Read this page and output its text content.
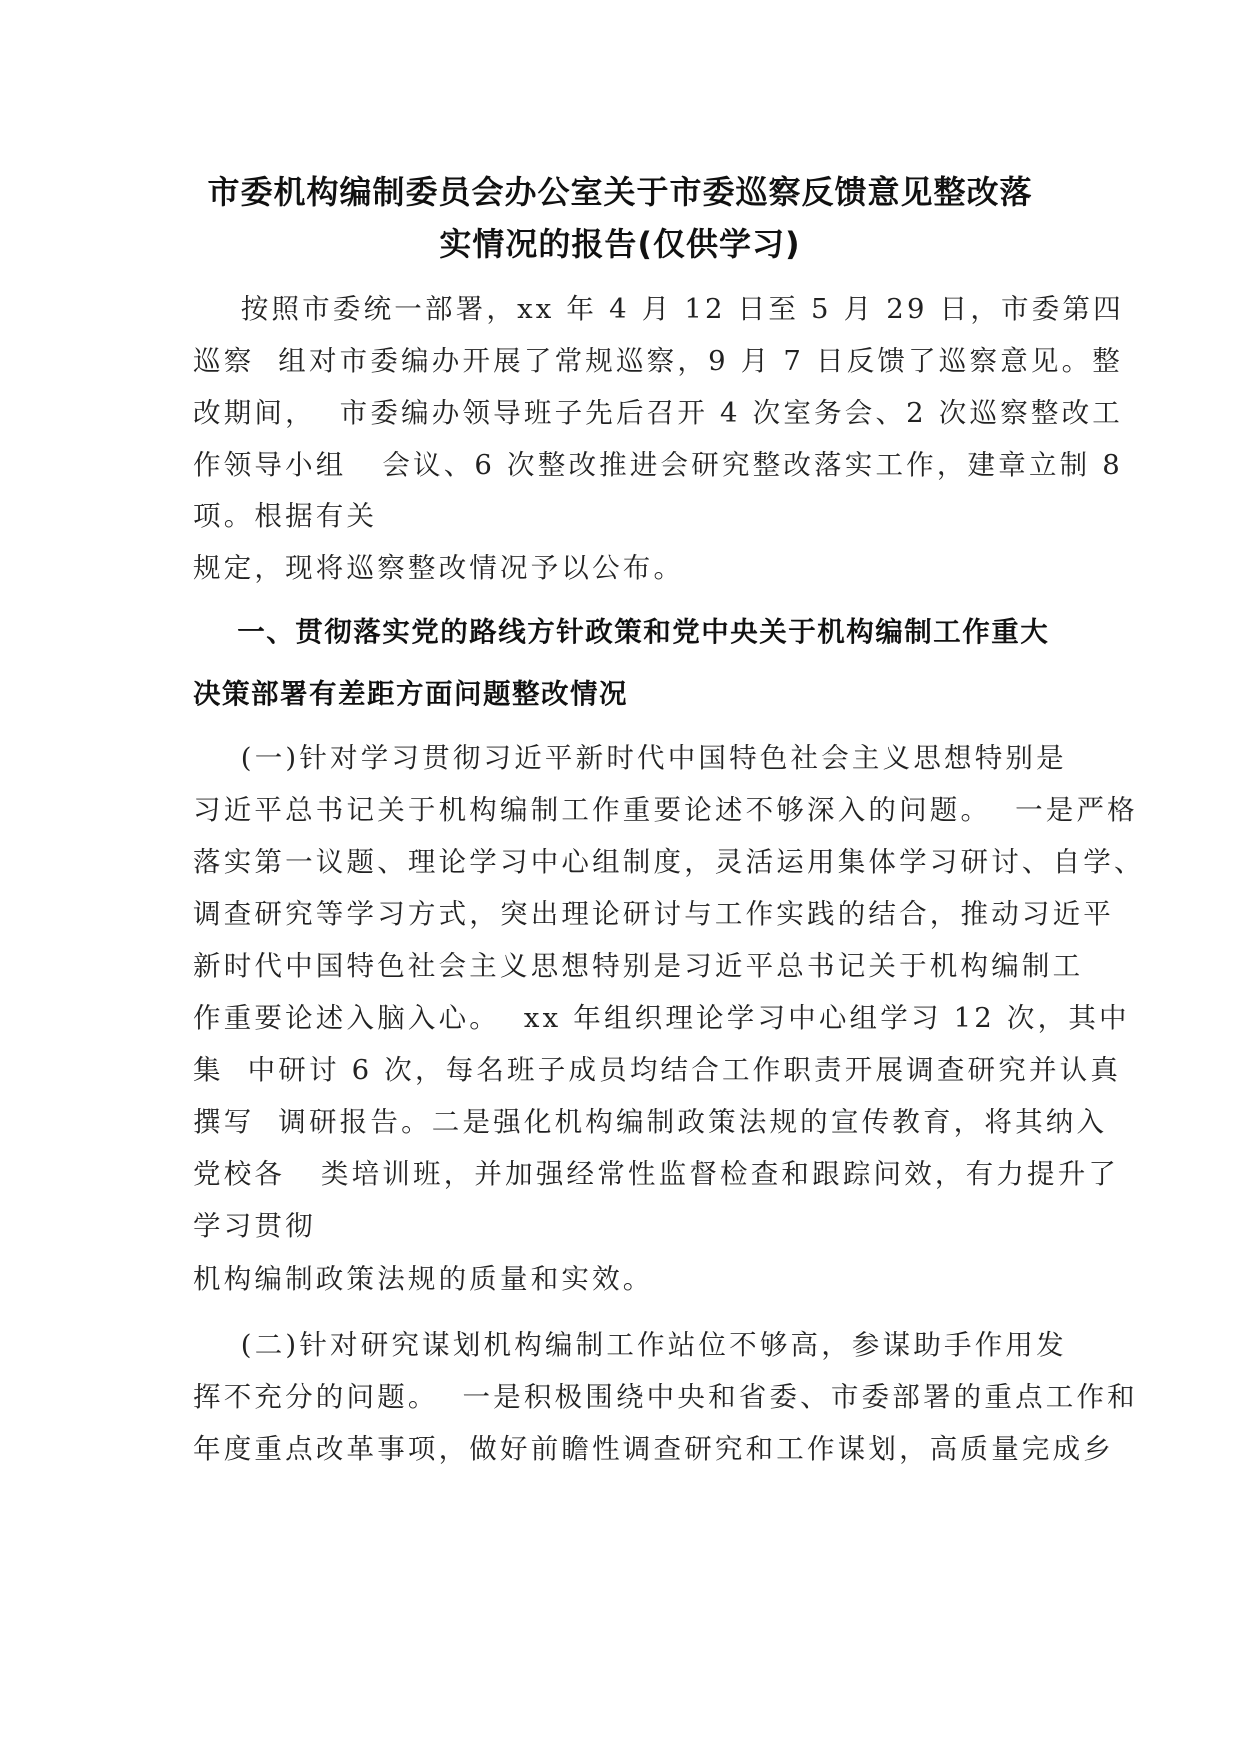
市委机构编制委员会办公室关于市委巡察反馈意见整改落
实情况的报告(仅供学习)
按照市委统一部署，xx 年 4 月 12 日至 5 月 29 日，市委第四
巡察  组对市委编办开展了常规巡察，9 月 7 日反馈了巡察意见。整
改期间，  市委编办领导班子先后召开 4 次室务会、2 次巡察整改工
作领导小组   会议、6 次整改推进会研究整改落实工作，建章立制 8
项。根据有关
规定，现将巡察整改情况予以公布。
一、贯彻落实党的路线方针政策和党中央关于机构编制工作重大
决策部署有差距方面问题整改情况
(一)针对学习贯彻习近平新时代中国特色社会主义思想特别是
习近平总书记关于机构编制工作重要论述不够深入的问题。  一是严格
落实第一议题、理论学习中心组制度，灵活运用集体学习研讨、自学、
调查研究等学习方式，突出理论研讨与工作实践的结合，推动习近平
新时代中国特色社会主义思想特别是习近平总书记关于机构编制工
作重要论述入脑入心。  xx 年组织理论学习中心组学习 12 次，其中
集  中研讨 6 次，每名班子成员均结合工作职责开展调查研究并认真
撰写  调研报告。二是强化机构编制政策法规的宣传教育，将其纳入
党校各   类培训班，并加强经常性监督检查和跟踪问效，有力提升了
学习贯彻
机构编制政策法规的质量和实效。
(二)针对研究谋划机构编制工作站位不够高，参谋助手作用发
挥不充分的问题。  一是积极围绕中央和省委、市委部署的重点工作和
年度重点改革事项，做好前瞻性调查研究和工作谋划，高质量完成乡
